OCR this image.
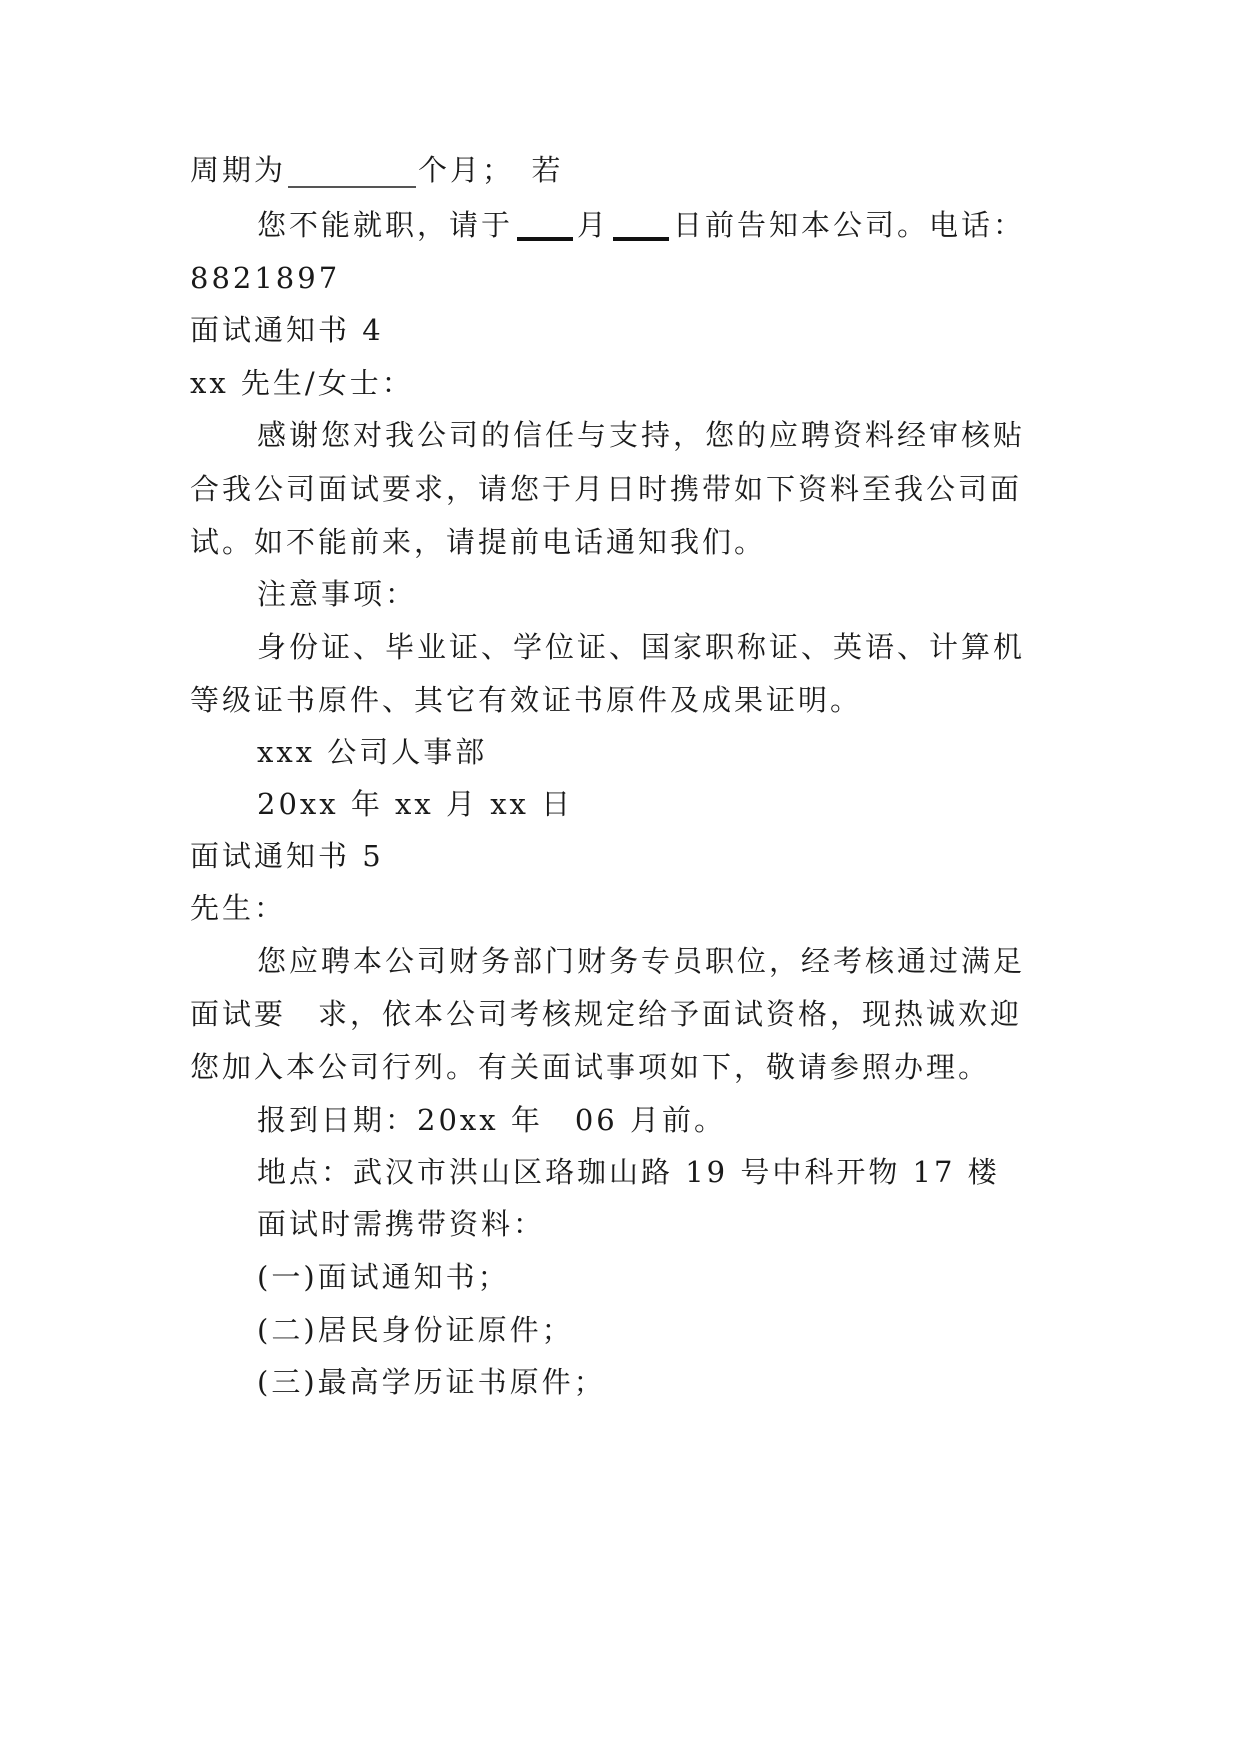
周期为	个月；　若
您不能就职，请于 月 日前告知本公司。电话：
8821897
面试通知书 4
xx 先生/女士：
感谢您对我公司的信任与支持，您的应聘资料经审核贴
合我公司面试要求，请您于月日时携带如下资料至我公司面
试。如不能前来，请提前电话通知我们。
注意事项：
身份证、毕业证、学位证、国家职称证、英语、计算机
等级证书原件、其它有效证书原件及成果证明。
xxx 公司人事部
20xx 年 xx 月 xx 日
面试通知书 5
先生：
您应聘本公司财务部门财务专员职位，经考核通过满足
面试要　求，依本公司考核规定给予面试资格，现热诚欢迎
您加入本公司行列。有关面试事项如下，敬请参照办理。
报到日期：20xx 年　06 月前。
地点：武汉市洪山区珞珈山路 19 号中科开物 17 楼
面试时需携带资料：
(一)面试通知书；
(二)居民身份证原件；
(三)最高学历证书原件；
